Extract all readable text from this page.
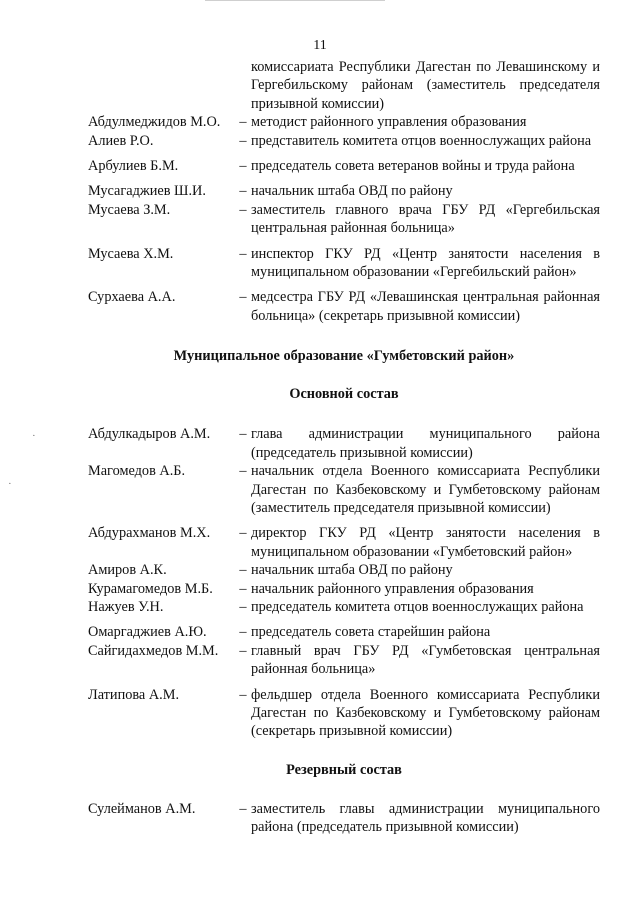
·
·
11
комиссариата Республики Дагестан по Левашинскому и Гергебильскому районам (заместитель председателя призывной комиссии)
Абдулмеджидов М.О.	– методист районного управления образования
Алиев Р.О.	– представитель комитета отцов военнослужащих района
Арбулиев Б.М.	– председатель совета ветеранов войны и труда района
Мусагаджиев Ш.И.	– начальник штаба ОВД по району
Мусаева З.М.	– заместитель главного врача ГБУ РД «Гергебильская центральная районная больница»
Мусаева Х.М.	– инспектор ГКУ РД «Центр занятости населения в муниципальном образовании «Гергебильский район»
Сурхаева А.А.	– медсестра ГБУ РД «Левашинская центральная районная больница» (секретарь призывной комиссии)
Муниципальное образование «Гумбетовский район»
Основной состав
Абдулкадыров А.М.	– глава администрации муниципального района (председатель призывной комиссии)
Магомедов А.Б.	– начальник отдела Военного комиссариата Республики Дагестан по Казбековскому и Гумбетовскому районам (заместитель председателя призывной комиссии)
Абдурахманов М.Х.	– директор ГКУ РД «Центр занятости населения в муниципальном образовании «Гумбетовский район»
Амиров А.К.	– начальник штаба ОВД по району
Курамагомедов М.Б.	– начальник районного управления образования
Нажуев У.Н.	– председатель комитета отцов военнослужащих района
Омаргаджиев А.Ю.	– председатель совета старейшин района
Сайгидахмедов М.М.	– главный врач ГБУ РД «Гумбетовская центральная районная больница»
Латипова А.М.	– фельдшер отдела Военного комиссариата Республики Дагестан по Казбековскому и Гумбетовскому районам (секретарь призывной комиссии)
Резервный состав
Сулейманов А.М.	– заместитель главы администрации муниципального района (председатель призывной комиссии)
